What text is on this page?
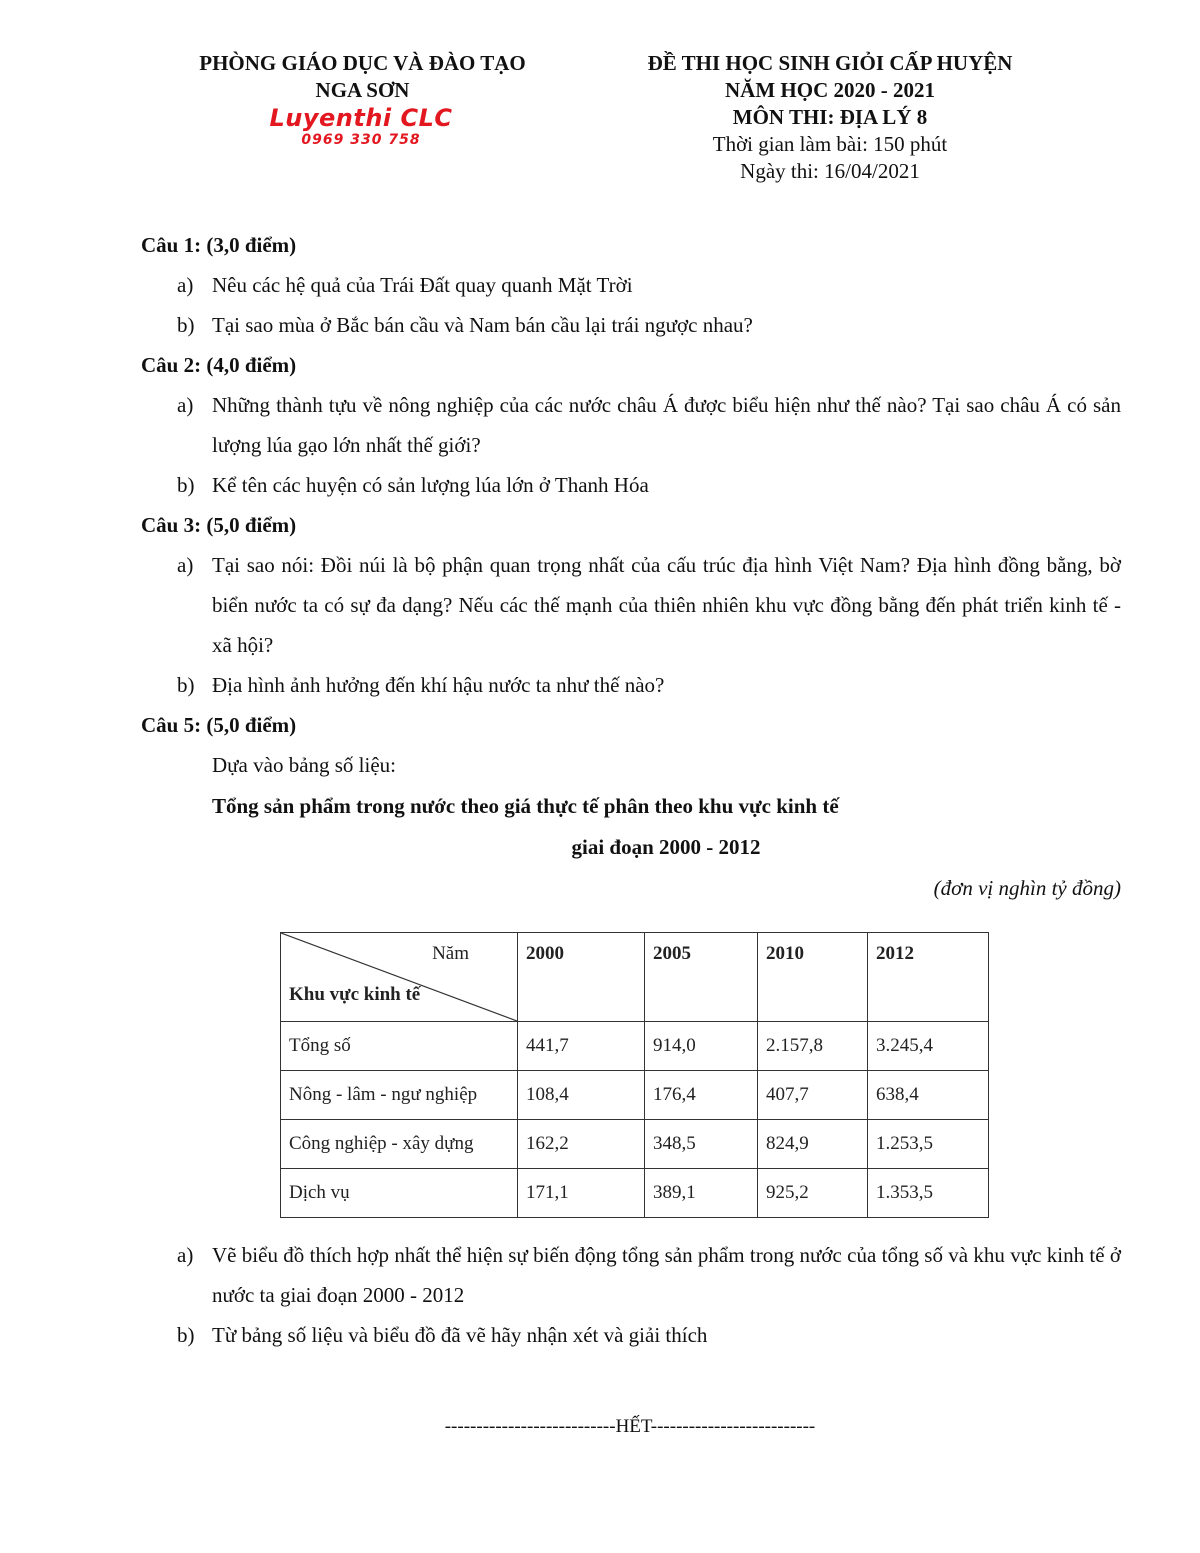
PHÒNG GIÁO DỤC VÀ ĐÀO TẠO
NGA SƠN
Luyenthi CLC
0969 330 758
ĐỀ THI HỌC SINH GIỎI CẤP HUYỆN
NĂM HỌC 2020 - 2021
MÔN THI: ĐỊA LÝ 8
Thời gian làm bài: 150 phút
Ngày thi: 16/04/2021
Câu 1: (3,0 điểm)
a) Nêu các hệ quả của Trái Đất quay quanh Mặt Trời
b) Tại sao mùa ở Bắc bán cầu và Nam bán cầu lại trái ngược nhau?
Câu 2: (4,0 điểm)
a) Những thành tựu về nông nghiệp của các nước châu Á được biểu hiện như thế nào? Tại sao châu Á có sản lượng lúa gạo lớn nhất thế giới?
b) Kể tên các huyện có sản lượng lúa lớn ở Thanh Hóa
Câu 3: (5,0 điểm)
a) Tại sao nói: Đồi núi là bộ phận quan trọng nhất của cấu trúc địa hình Việt Nam? Địa hình đồng bằng, bờ biển nước ta có sự đa dạng? Nếu các thế mạnh của thiên nhiên khu vực đồng bằng đến phát triển kinh tế - xã hội?
b) Địa hình ảnh hưởng đến khí hậu nước ta như thế nào?
Câu 5: (5,0 điểm)
Dựa vào bảng số liệu:
Tổng sản phẩm trong nước theo giá thực tế phân theo khu vực kinh tế
giai đoạn 2000 - 2012
(đơn vị nghìn tỷ đồng)
Năm
Khu vực kinh tế	2000	2005	2010	2012
Tổng số	441,7	914,0	2.157,8	3.245,4
Nông - lâm - ngư nghiệp	108,4	176,4	407,7	638,4
Công nghiệp - xây dựng	162,2	348,5	824,9	1.253,5
Dịch vụ	171,1	389,1	925,2	1.353,5
a) Vẽ biểu đồ thích hợp nhất thể hiện sự biến động tổng sản phẩm trong nước của tổng số và khu vực kinh tế ở nước ta giai đoạn 2000 - 2012
b) Từ bảng số liệu và biểu đồ đã vẽ hãy nhận xét và giải thích
---------------------------HẾT--------------------------
